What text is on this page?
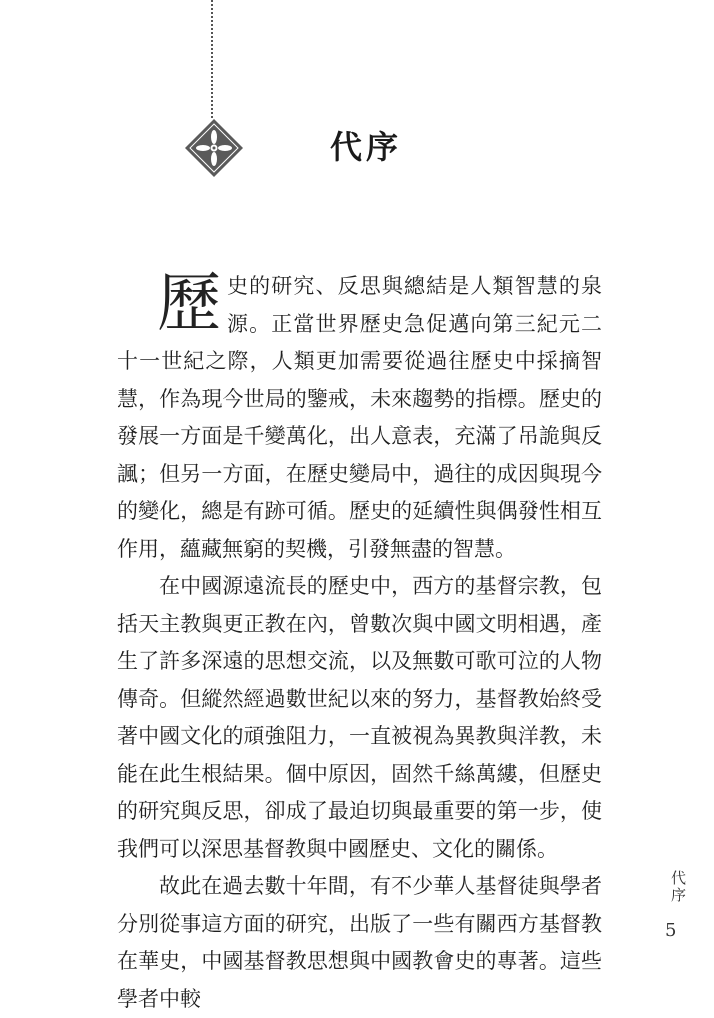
代序

歷史的研究、反思與總結是人類智慧的泉源。正當世界歷史急促邁向第三紀元二十一世紀之際，人類更加需要從過往歷史中採摘智慧，作為現今世局的鑒戒，未來趨勢的指標。歷史的發展一方面是千變萬化，出人意表，充滿了吊詭與反諷；但另一方面，在歷史變局中，過往的成因與現今的變化，總是有跡可循。歷史的延續性與偶發性相互作用，蘊藏無窮的契機，引發無盡的智慧。

在中國源遠流長的歷史中，西方的基督宗教，包括天主教與更正教在內，曾數次與中國文明相遇，產生了許多深遠的思想交流，以及無數可歌可泣的人物傳奇。但縱然經過數世紀以來的努力，基督教始終受著中國文化的頑強阻力，一直被視為異教與洋教，未能在此生根結果。個中原因，固然千絲萬縷，但歷史的研究與反思，卻成了最迫切與最重要的第一步，使我們可以深思基督教與中國歷史、文化的關係。

故此在過去數十年間，有不少華人基督徒與學者分別從事這方面的研究，出版了一些有關西方基督教在華史，中國基督教思想與中國教會史的專著。這些學者中較

代序
5
